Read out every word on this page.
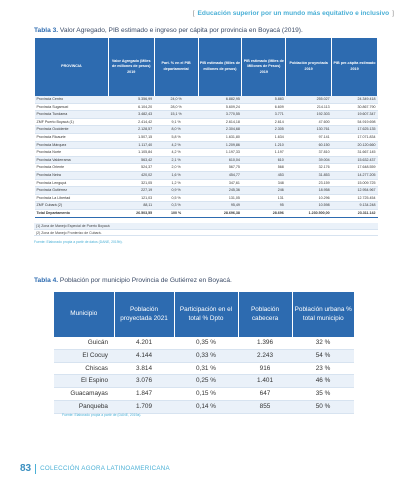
[ Educación superior por un mundo más equitativo e inclusivo ]
Tabla 3. Valor Agregado, PIB estimado e ingreso per cápita por provincia en Boyacá (2019).
PROVINCIA	Valor Agregado (Miles de millones de pesos) 2019	Part. % en el PIB departamental	PIB estimado (Miles de millones de pesos)	PIB estimado (Miles de Millones de Pesos) 2019	Población proyectada 2019	PIB per-cápita estimado 2019
Provincia Centro	5.356,99	24,0 %	6.882,95	5.883	255.027	24.349.418
Provincia Sugamuxi	6.104,20	28,0 %	5.609,24	6.609	214.113	30.867.790
Provincia Tundama	3.482,43	15,1 %	3.770,55	3.771	192.303	19.607.347
ZMF Puerto Boyacá (1)	2.414,42	9,1 %	2.614,18	2.614	47.600	54.919.698
Provincia Occidente	2.128,57	8,0 %	2.304,68	2.305	130.761	17.625.135
Provincia Ricaurte	1.507,15	5,8 %	1.631,80	1.634	97.141	17.071.834
Provincia Márquez	1.117,40	4,2 %	1.209,86	1.210	60.150	20.120.660
Provincia Norte	1.105,84	4,2 %	1.197,33	1.197	37.810	31.667.145
Provincia Valderrama	563,42	2,1 %	610,04	610	39.004	15.632.437
Provincia Oriente	524,37	2,0 %	567,75	568	32.176	17.648.559
Provincia Neira	420,02	1,6 %	454,77	453	31.853	14.277.205
Provincia Lengupá	321,05	1,2 %	347,61	348	23.159	15.009.725
Provincia Gutiérrez	227,19	0,9 %	245,36	246	18.958	12.954.967
Provincia La Libertad	121,03	0,5 %	131,05	131	10.296	12.725.454
ZMF Cubará (2)	88,11	0,3 %	95,49	95	10.598	9.134.248
Total Departamento	26.503,55	100 %	28.696,38	28.696	1.230.500,00	23.311.142
(1) Zona de Manejo Especial de Puerto Boyacá
(2) Zona de Manejo Fronterizo de Cubará.
Fuente: Elaborado propia a partir de datos (DANE, 2019b).
Tabla 4. Población por municipio Provincia de Gutiérrez en Boyacá.
Municipio	Población proyectada 2021	Participación en el total % Dpto	Población cabecera	Población urbana % total municipio
Guicán	4.201	0,35 %	1.396	32 %
El Cocuy	4.144	0,33 %	2.243	54 %
Chiscas	3.814	0,31 %	916	23 %
El Espino	3.076	0,25 %	1.401	46 %
Guacamayas	1.847	0,15 %	647	35 %
Panqueba	1.709	0,14 %	855	50 %
Fuente: Elaborado propia a partir de (DANE, 2019a).
83 COLECCIÓN AGORA LATINOAMERICANA
